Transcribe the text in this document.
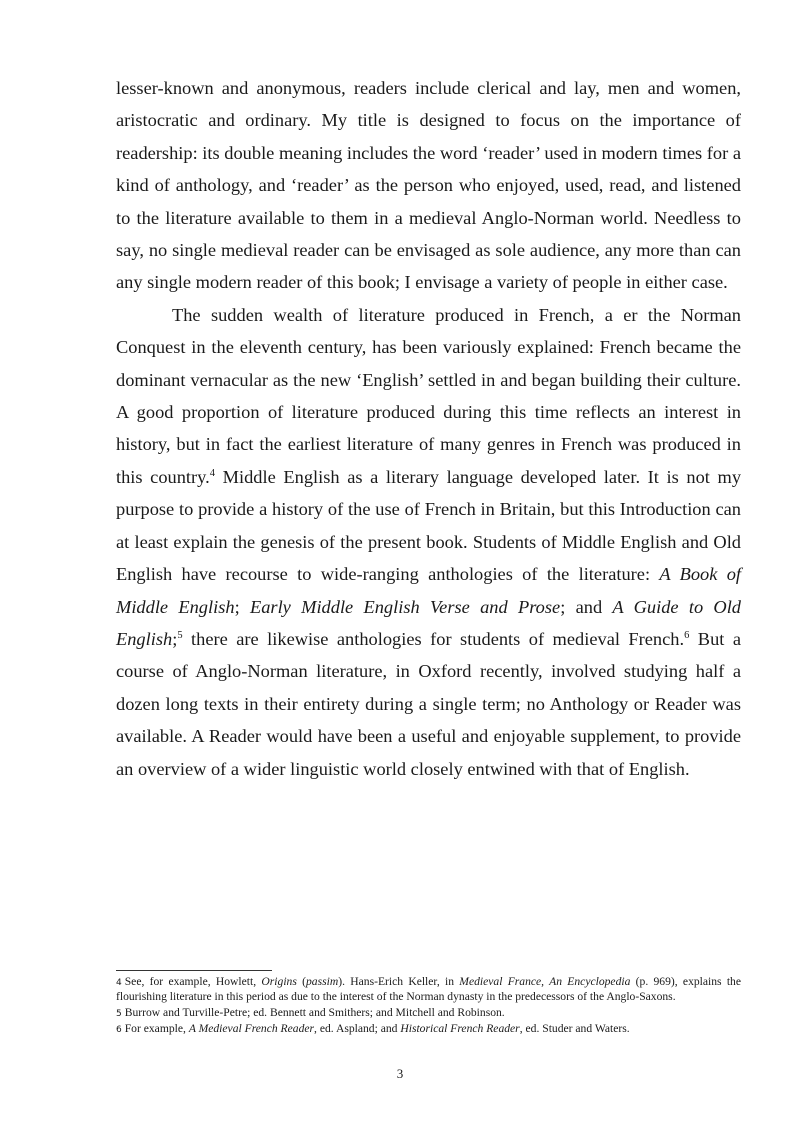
lesser-known and anonymous, readers include clerical and lay, men and women, aristocratic and ordinary. My title is designed to focus on the importance of readership: its double meaning includes the word ‘reader’ used in modern times for a kind of anthology, and ‘reader’ as the person who enjoyed, used, read, and listened to the literature available to them in a medieval Anglo-Norman world. Needless to say, no single medieval reader can be envisaged as sole audience, any more than can any single modern reader of this book; I envisage a variety of people in either case.

The sudden wealth of literature produced in French, a er the Norman Conquest in the eleventh century, has been variously explained: French became the dominant vernacular as the new ‘English’ settled in and began building their culture. A good proportion of literature produced during this time reflects an interest in history, but in fact the earliest literature of many genres in French was produced in this country.$^4$ Middle English as a literary language developed later. It is not my purpose to provide a history of the use of French in Britain, but this Introduction can at least explain the genesis of the present book. Students of Middle English and Old English have recourse to wide-ranging anthologies of the literature: A Book of Middle English; Early Middle English Verse and Prose; and A Guide to Old English;$^5$ there are likewise anthologies for students of medieval French.$^6$ But a course of Anglo-Norman literature, in Oxford recently, involved studying half a dozen long texts in their entirety during a single term; no Anthology or Reader was available. A Reader would have been a useful and enjoyable supplement, to provide an overview of a wider linguistic world closely entwined with that of English.

4 See, for example, Howlett, Origins (passim). Hans-Erich Keller, in Medieval France, An Encyclopedia (p. 969), explains the flourishing literature in this period as due to the interest of the Norman dynasty in the predecessors of the Anglo-Saxons.

5 Burrow and Turville-Petre; ed. Bennett and Smithers; and Mitchell and Robinson.

6 For example, A Medieval French Reader, ed. Aspland; and Historical French Reader, ed. Studer and Waters.

3
